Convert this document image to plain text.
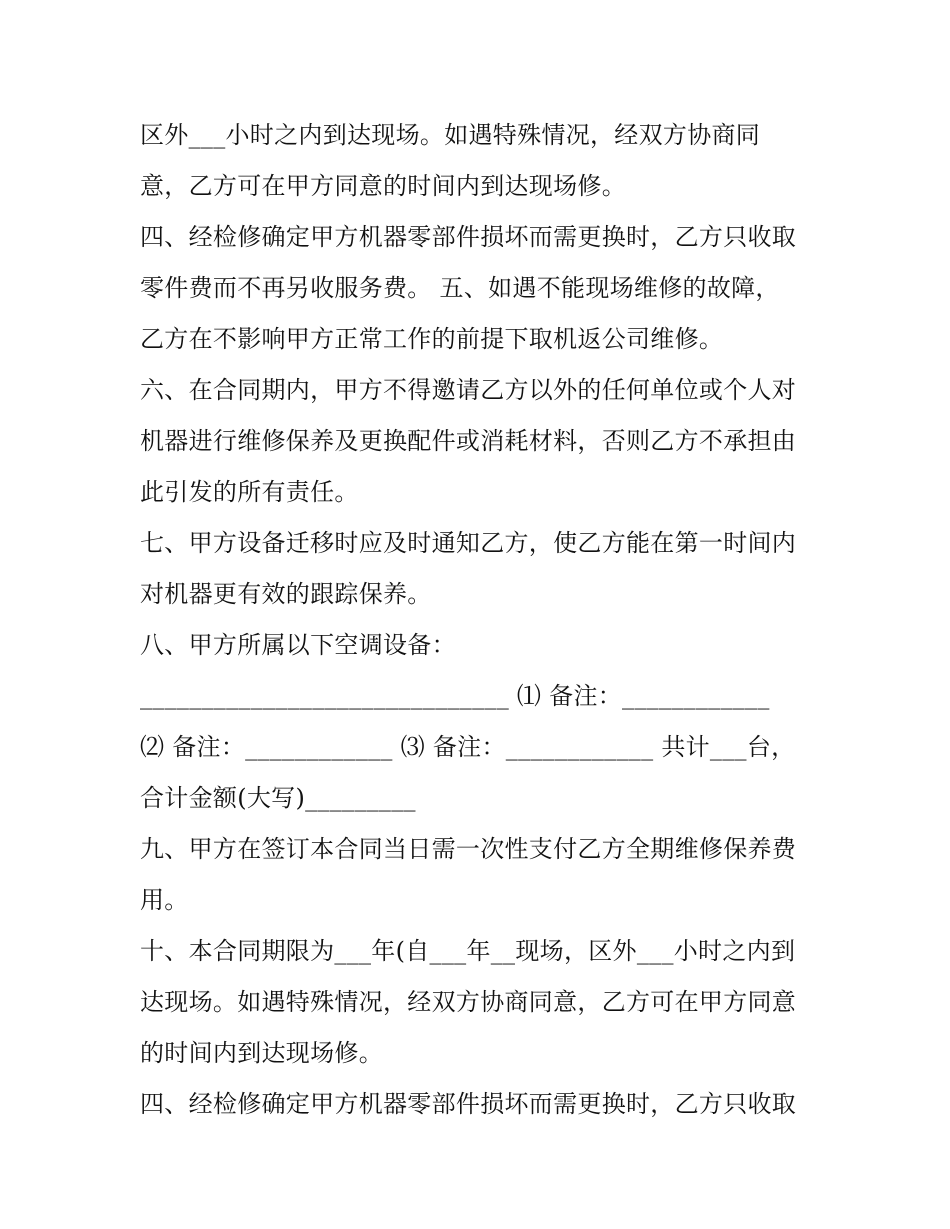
区外___小时之内到达现场。如遇特殊情况，经双方协商同
意，乙方可在甲方同意的时间内到达现场修。
四、经检修确定甲方机器零部件损坏而需更换时，乙方只收取
零件费而不再另收服务费。 五、如遇不能现场维修的故障，
乙方在不影响甲方正常工作的前提下取机返公司维修。
六、在合同期内，甲方不得邀请乙方以外的任何单位或个人对
机器进行维修保养及更换配件或消耗材料，否则乙方不承担由
此引发的所有责任。
七、甲方设备迁移时应及时通知乙方，使乙方能在第一时间内
对机器更有效的跟踪保养。
八、甲方所属以下空调设备：
______________________________ ⑴ 备注：____________
⑵ 备注：____________ ⑶ 备注：____________ 共计___台，
合计金额(大写)_________
九、甲方在签订本合同当日需一次性支付乙方全期维修保养费
用。
十、本合同期限为___年(自___年__现场，区外___小时之内到
达现场。如遇特殊情况，经双方协商同意，乙方可在甲方同意
的时间内到达现场修。
四、经检修确定甲方机器零部件损坏而需更换时，乙方只收取
